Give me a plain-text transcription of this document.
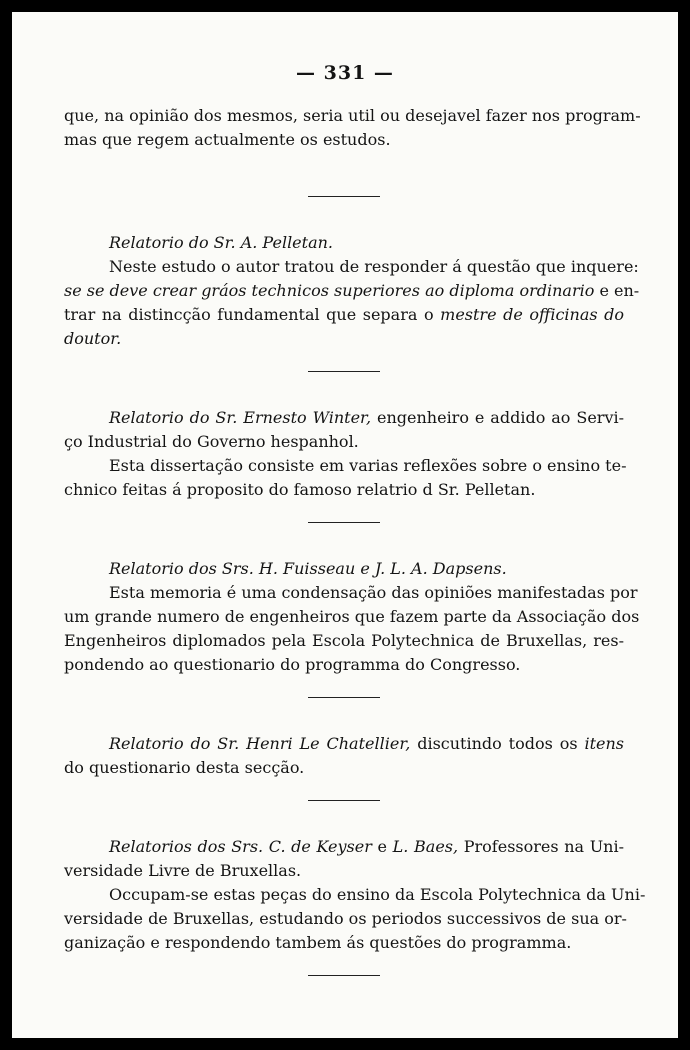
— 331 —
que, na opinião dos mesmos, seria util ou desejavel fazer nos program-
mas que regem actualmente os estudos.
Relatorio do Sr. A. Pelletan.
Neste estudo o autor tratou de responder á questão que inquere:
se se deve crear gráos technicos superiores ao diploma ordinario e en-
trar na distincção fundamental que separa o mestre de officinas do
doutor.
Relatorio do Sr. Ernesto Winter, engenheiro e addido ao Servi-
ço Industrial do Governo hespanhol.
Esta dissertação consiste em varias reflexões sobre o ensino te-
chnico feitas á proposito do famoso relatrio d Sr. Pelletan.
Relatorio dos Srs. H. Fuisseau e J. L. A. Dapsens.
Esta memoria é uma condensação das opiniões manifestadas por
um grande numero de engenheiros que fazem parte da Associação dos
Engenheiros diplomados pela Escola Polytechnica de Bruxellas, res-
pondendo ao questionario do programma do Congresso.
Relatorio do Sr. Henri Le Chatellier, discutindo todos os itens
do questionario desta secção.
Relatorios dos Srs. C. de Keyser e L. Baes, Professores na Uni-
versidade Livre de Bruxellas.
Occupam-se estas peças do ensino da Escola Polytechnica da Uni-
versidade de Bruxellas, estudando os periodos successivos de sua or-
ganização e respondendo tambem ás questões do programma.
